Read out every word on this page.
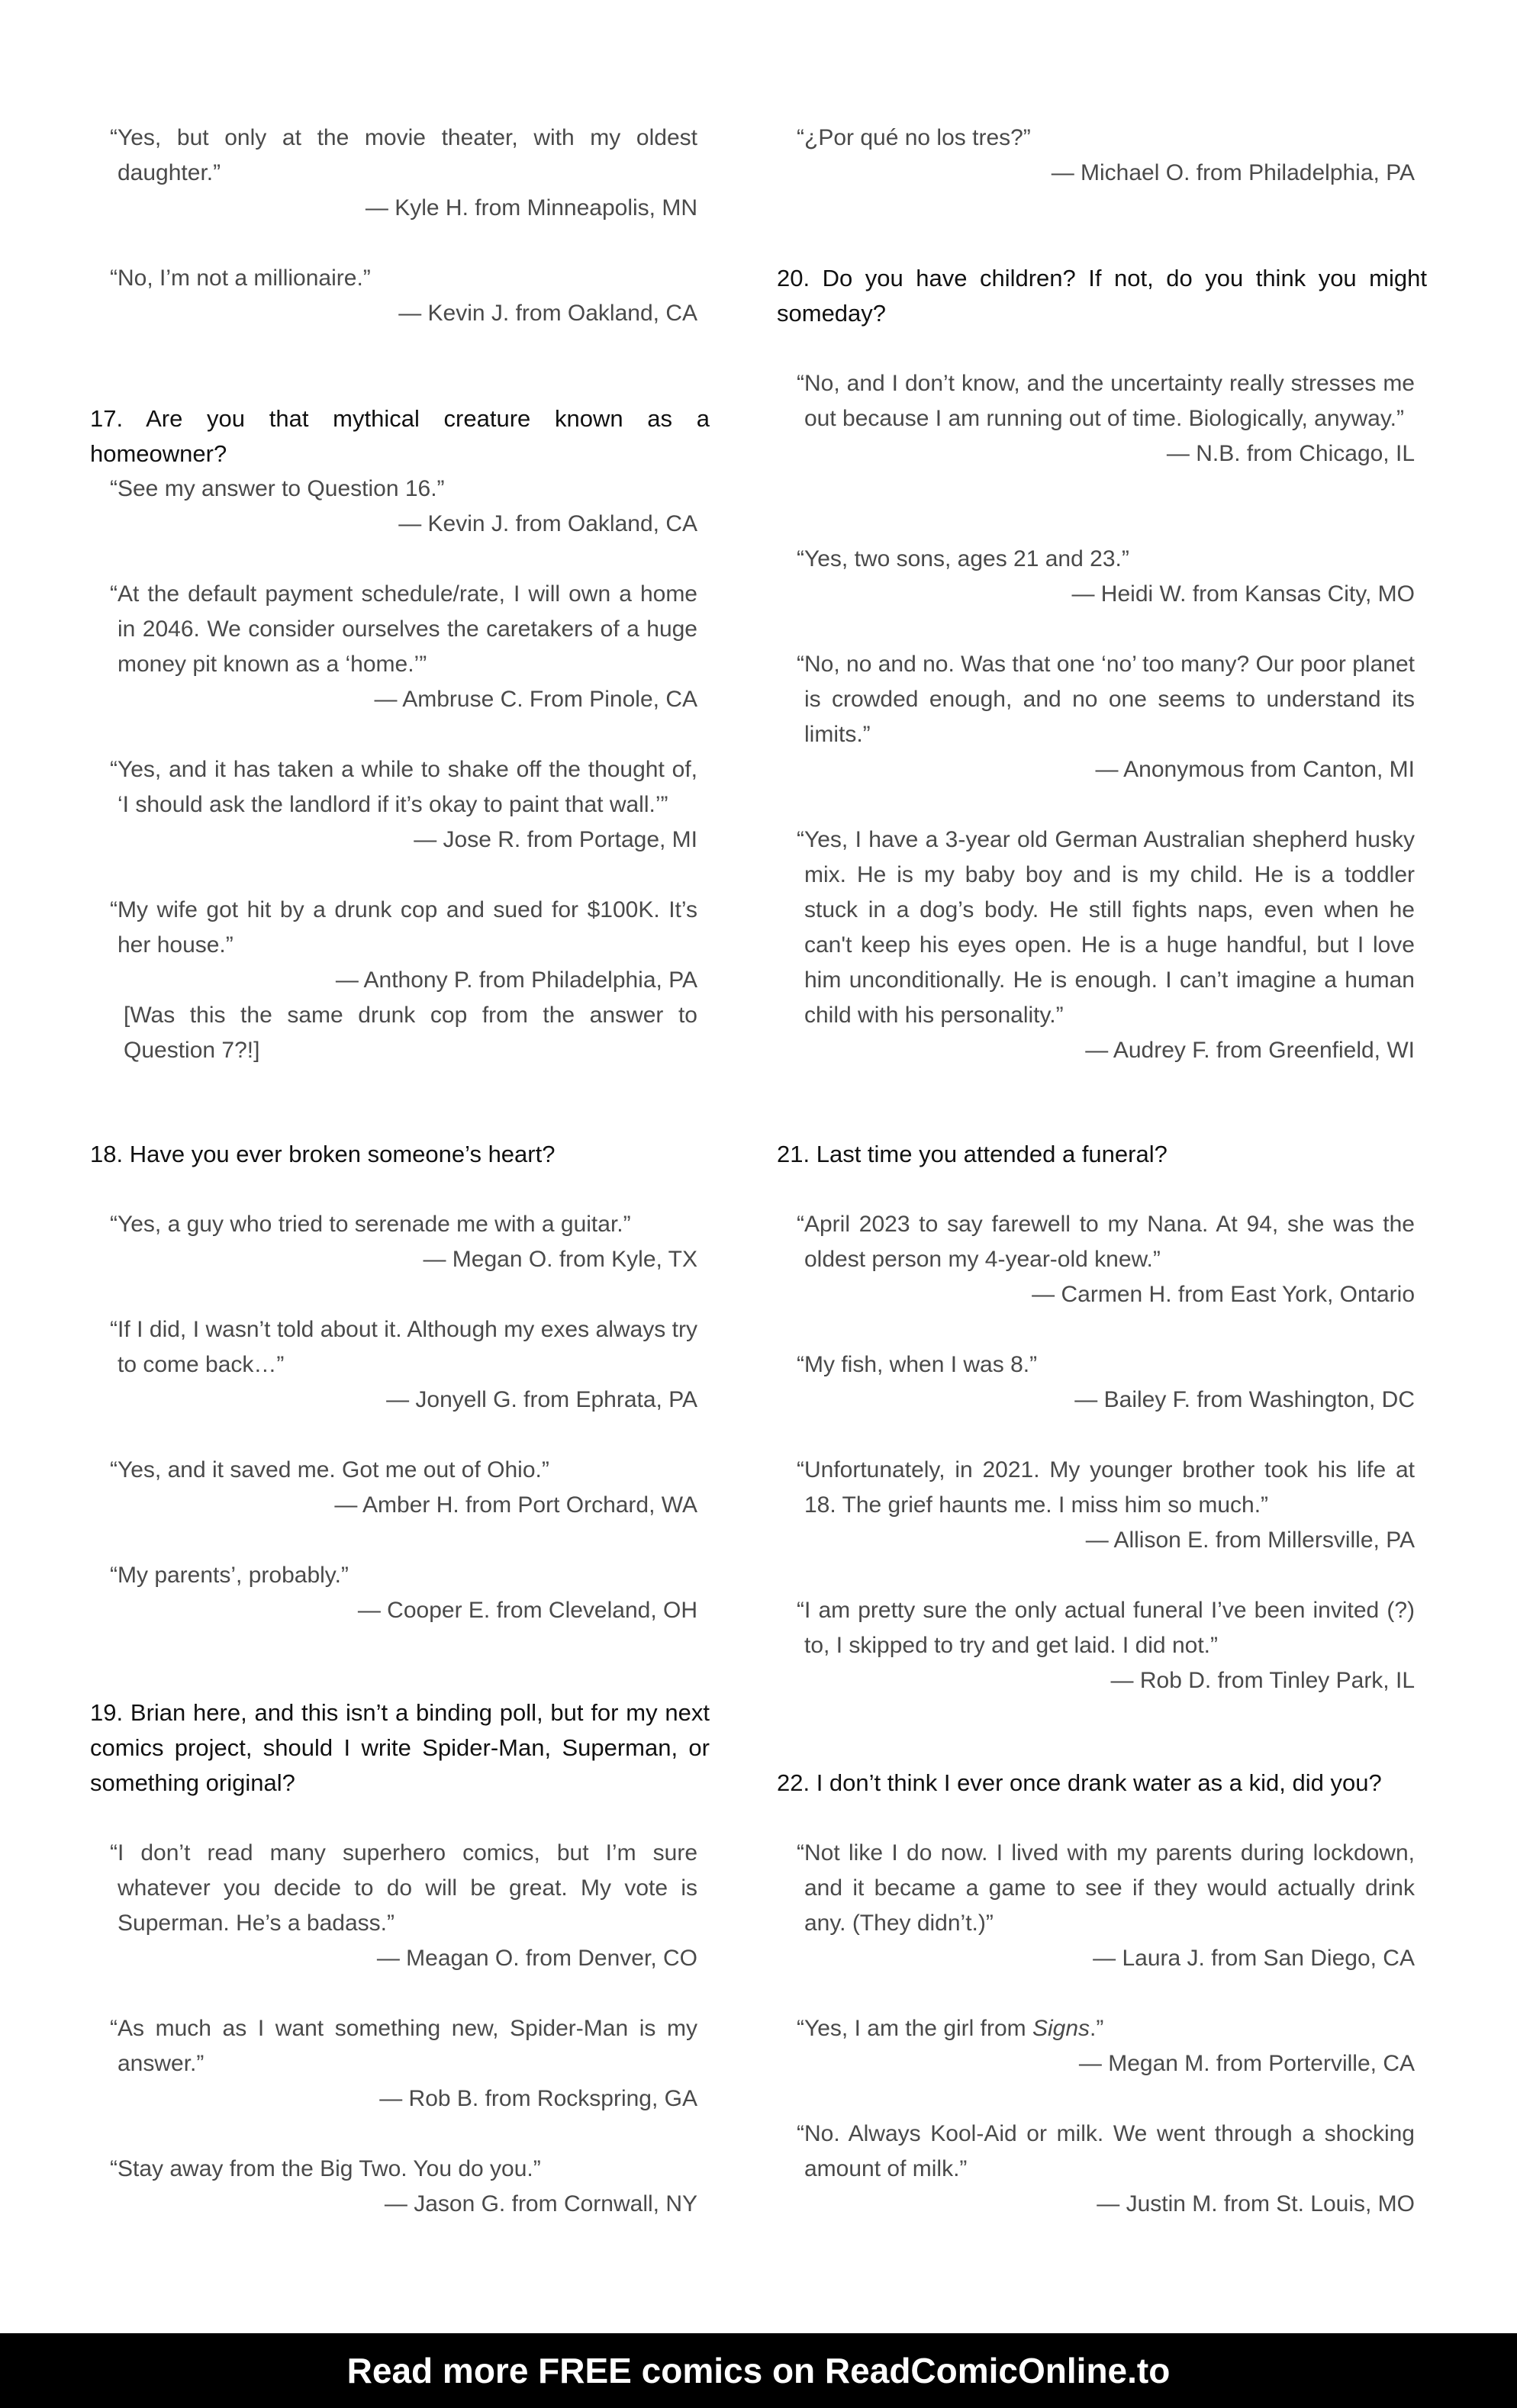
“Yes, but only at the movie theater, with my oldest daughter.”
— Kyle H. from Minneapolis, MN
“No, I’m not a millionaire.”
— Kevin J. from Oakland, CA
17. Are you that mythical creature known as a homeowner?
“See my answer to Question 16.”
— Kevin J. from Oakland, CA
“At the default payment schedule/rate, I will own a home in 2046. We consider ourselves the caretakers of a huge money pit known as a ‘home.’”
— Ambruse C. From Pinole, CA
“Yes, and it has taken a while to shake off the thought of, ‘I should ask the landlord if it’s okay to paint that wall.’”
— Jose R. from Portage, MI
“My wife got hit by a drunk cop and sued for $100K. It’s her house.”
— Anthony P. from Philadelphia, PA
[Was this the same drunk cop from the answer to Question 7?!]
18. Have you ever broken someone’s heart?
“Yes, a guy who tried to serenade me with a guitar.”
— Megan O. from Kyle, TX
“If I did, I wasn’t told about it. Although my exes always try to come back…”
— Jonyell G. from Ephrata, PA
“Yes, and it saved me. Got me out of Ohio.”
— Amber H. from Port Orchard, WA
“My parents’, probably.”
— Cooper E. from Cleveland, OH
19. Brian here, and this isn’t a binding poll, but for my next comics project, should I write Spider-Man, Superman, or something original?
“I don’t read many superhero comics, but I’m sure whatever you decide to do will be great. My vote is Superman. He’s a badass.”
— Meagan O. from Denver, CO
“As much as I want something new, Spider-Man is my answer.”
— Rob B. from Rockspring, GA
“Stay away from the Big Two. You do you.”
— Jason G. from Cornwall, NY
“¿Por qué no los tres?”
— Michael O. from Philadelphia, PA
20. Do you have children? If not, do you think you might someday?
“No, and I don’t know, and the uncertainty really stresses me out because I am running out of time. Biologically, anyway.”
— N.B. from Chicago, IL
“Yes, two sons, ages 21 and 23.”
— Heidi W. from Kansas City, MO
“No, no and no. Was that one ‘no’ too many? Our poor planet is crowded enough, and no one seems to understand its limits.”
— Anonymous from Canton, MI
“Yes, I have a 3-year old German Australian shepherd husky mix. He is my baby boy and is my child. He is a toddler stuck in a dog’s body. He still fights naps, even when he can't keep his eyes open. He is a huge handful, but I love him unconditionally. He is enough. I can’t imagine a human child with his personality.”
— Audrey F. from Greenfield, WI
21. Last time you attended a funeral?
“April 2023 to say farewell to my Nana. At 94, she was the oldest person my 4-year-old knew.”
— Carmen H. from East York, Ontario
“My fish, when I was 8.”
— Bailey F. from Washington, DC
“Unfortunately, in 2021. My younger brother took his life at 18. The grief haunts me. I miss him so much.”
— Allison E. from Millersville, PA
“I am pretty sure the only actual funeral I’ve been invited (?) to, I skipped to try and get laid. I did not.”
— Rob D. from Tinley Park, IL
22. I don’t think I ever once drank water as a kid, did you?
“Not like I do now. I lived with my parents during lockdown, and it became a game to see if they would actually drink any. (They didn’t.)”
— Laura J. from San Diego, CA
“Yes, I am the girl from Signs.”
— Megan M. from Porterville, CA
“No. Always Kool-Aid or milk. We went through a shocking amount of milk.”
— Justin M. from St. Louis, MO
Read more FREE comics on ReadComicOnline.to
